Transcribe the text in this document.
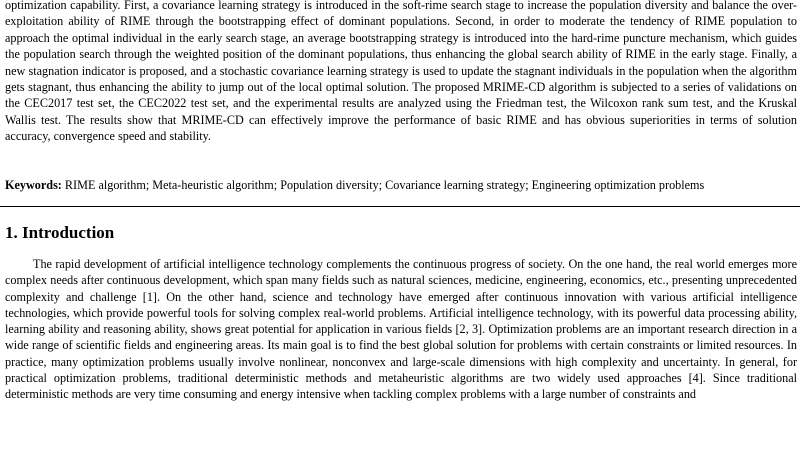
optimization capability. First, a covariance learning strategy is introduced in the soft-rime search stage to increase the population diversity and balance the over-exploitation ability of RIME through the bootstrapping effect of dominant populations. Second, in order to moderate the tendency of RIME population to approach the optimal individual in the early search stage, an average bootstrapping strategy is introduced into the hard-rime puncture mechanism, which guides the population search through the weighted position of the dominant populations, thus enhancing the global search ability of RIME in the early stage. Finally, a new stagnation indicator is proposed, and a stochastic covariance learning strategy is used to update the stagnant individuals in the population when the algorithm gets stagnant, thus enhancing the ability to jump out of the local optimal solution. The proposed MRIME-CD algorithm is subjected to a series of validations on the CEC2017 test set, the CEC2022 test set, and the experimental results are analyzed using the Friedman test, the Wilcoxon rank sum test, and the Kruskal Wallis test. The results show that MRIME-CD can effectively improve the performance of basic RIME and has obvious superiorities in terms of solution accuracy, convergence speed and stability.

Keywords: RIME algorithm; Meta-heuristic algorithm; Population diversity; Covariance learning strategy; Engineering optimization problems

1. Introduction

The rapid development of artificial intelligence technology complements the continuous progress of society. On the one hand, the real world emerges more complex needs after continuous development, which span many fields such as natural sciences, medicine, engineering, economics, etc., presenting unprecedented complexity and challenge [1]. On the other hand, science and technology have emerged after continuous innovation with various artificial intelligence technologies, which provide powerful tools for solving complex real-world problems. Artificial intelligence technology, with its powerful data processing ability, learning ability and reasoning ability, shows great potential for application in various fields [2, 3]. Optimization problems are an important research direction in a wide range of scientific fields and engineering areas. Its main goal is to find the best global solution for problems with certain constraints or limited resources. In practice, many optimization problems usually involve nonlinear, nonconvex and large-scale dimensions with high complexity and uncertainty. In general, for practical optimization problems, traditional deterministic methods and metaheuristic algorithms are two widely used approaches [4]. Since traditional deterministic methods are very time consuming and energy intensive when tackling complex problems with a large number of constraints and
